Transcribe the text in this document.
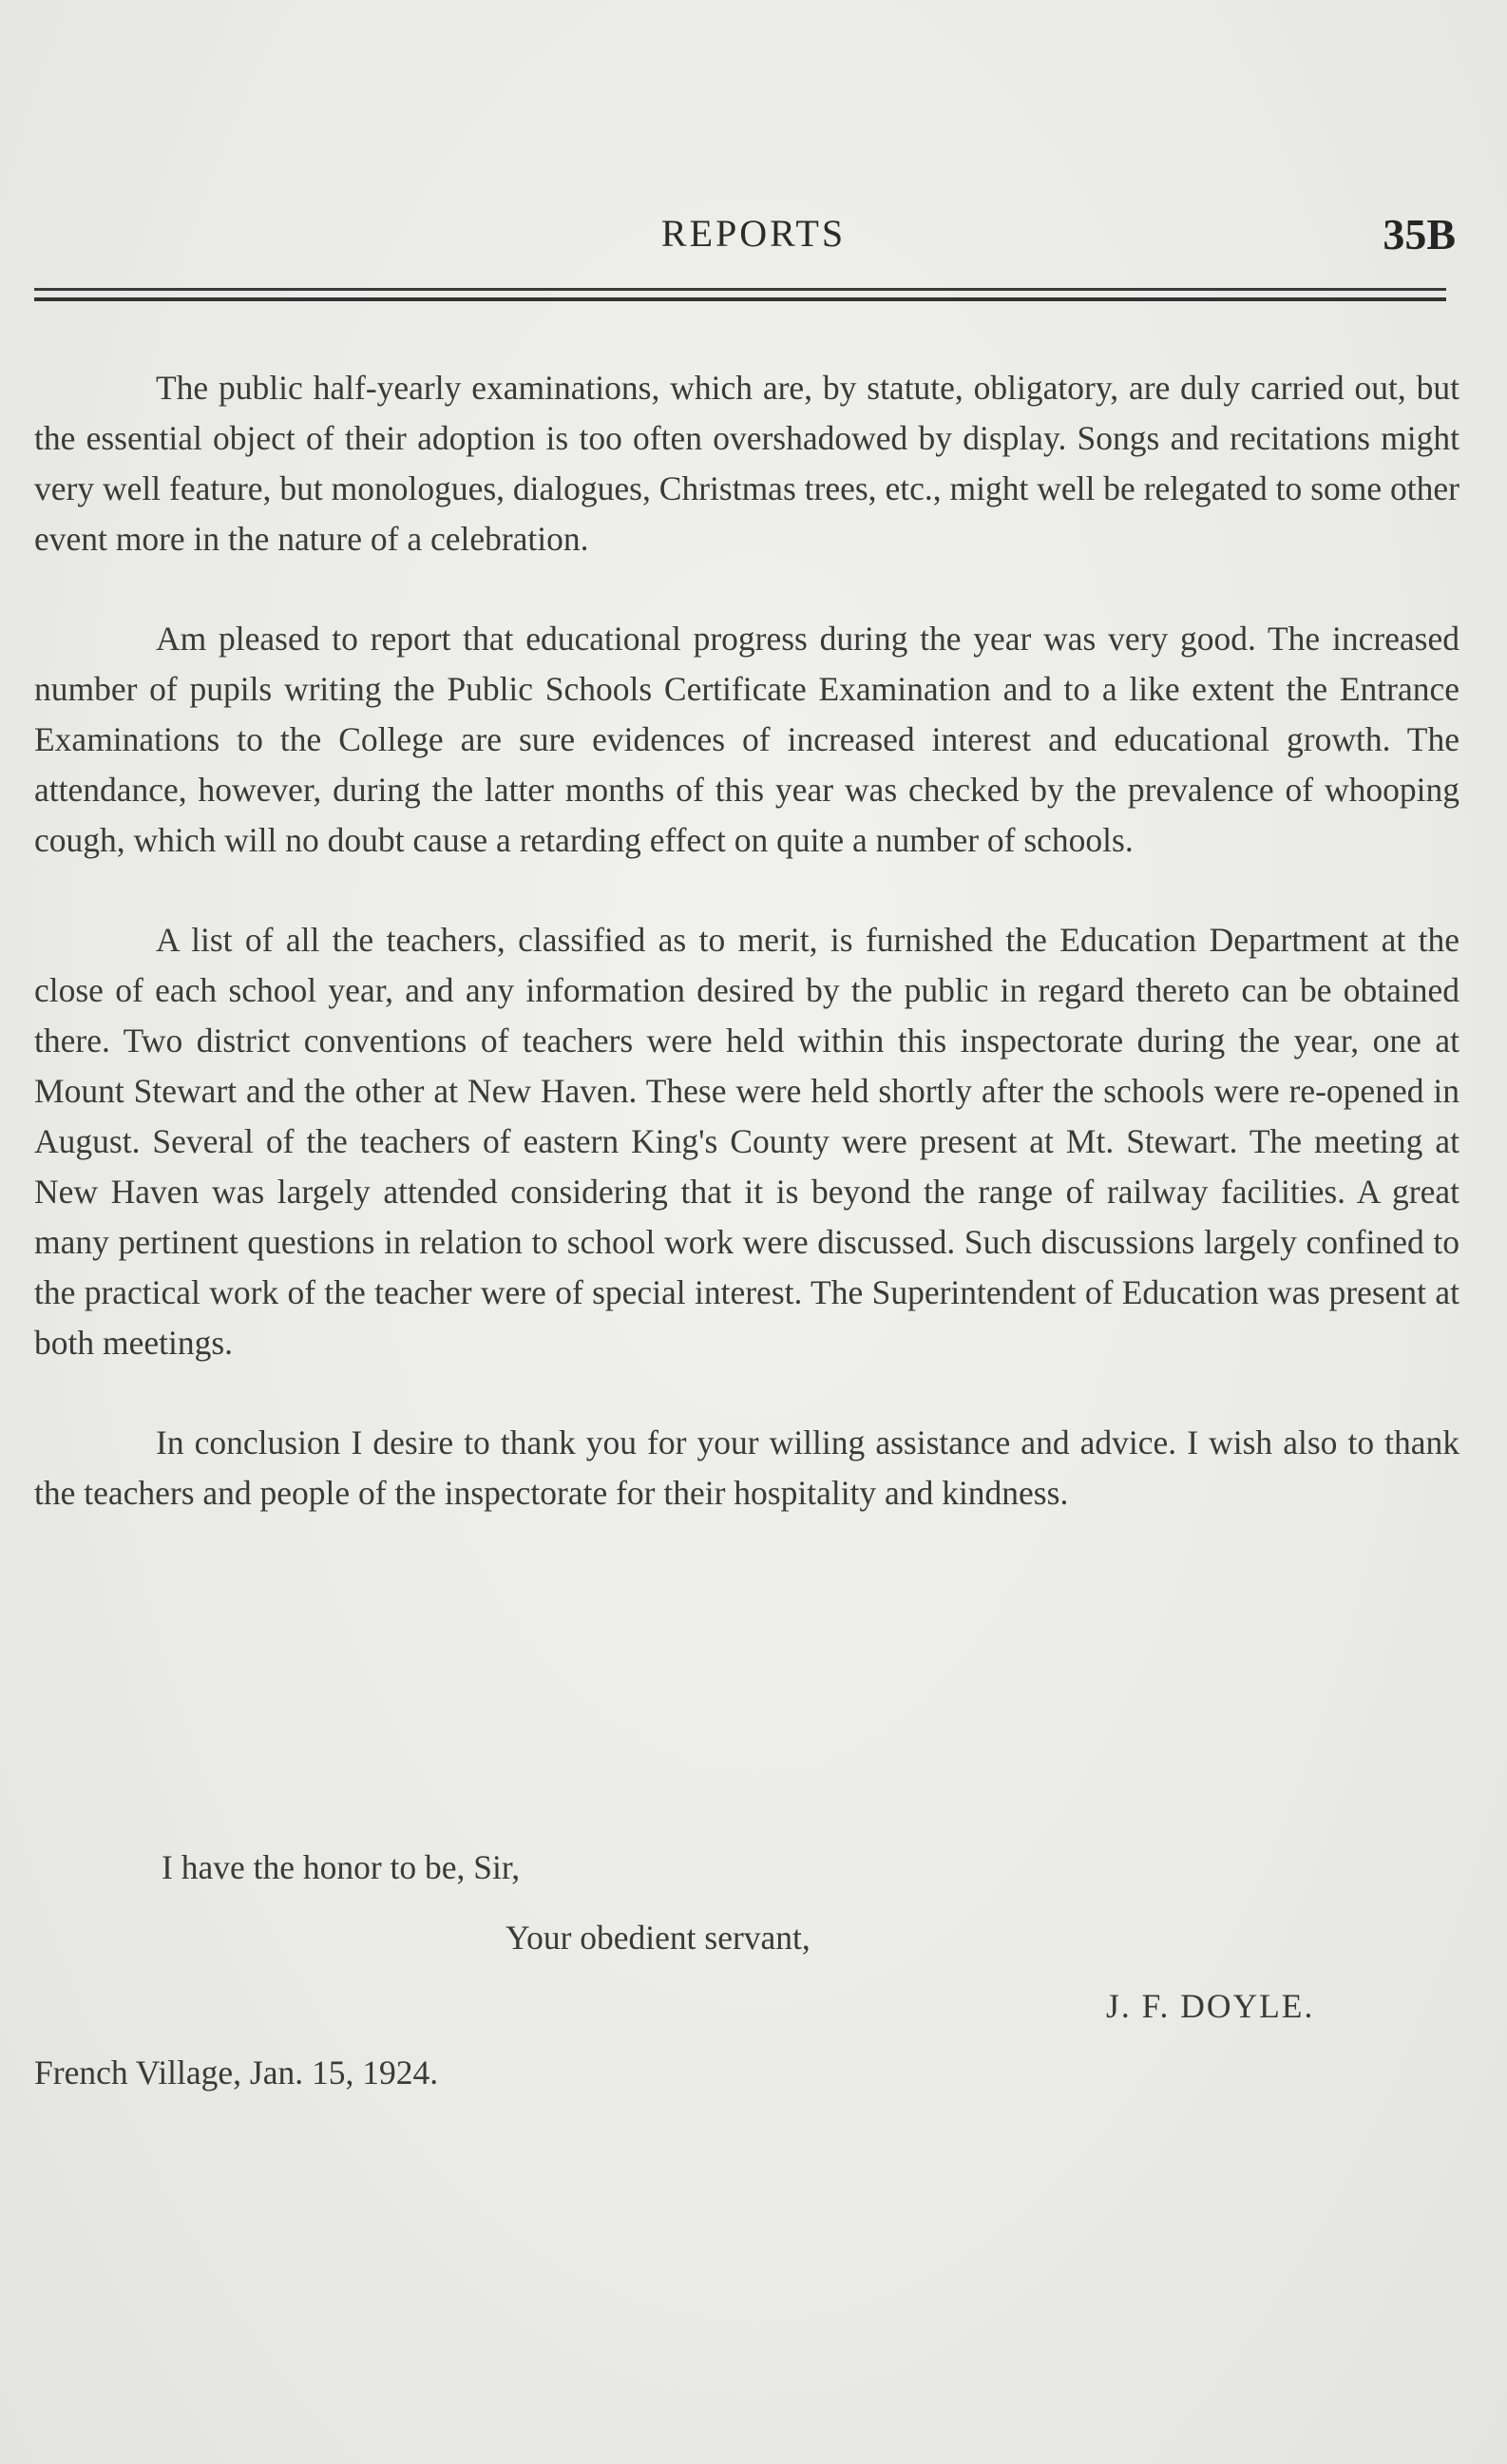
REPORTS	35B

The public half-yearly examinations, which are, by statute, obligatory, are duly carried out, but the essential object of their adoption is too often overshadowed by display. Songs and recitations might very well feature, but monologues, dialogues, Christmas trees, etc., might well be relegated to some other event more in the nature of a celebration.

Am pleased to report that educational progress during the year was very good. The increased number of pupils writing the Public Schools Certificate Examination and to a like extent the Entrance Examinations to the College are sure evidences of increased interest and educational growth. The attendance, however, during the latter months of this year was checked by the prevalence of whooping cough, which will no doubt cause a retarding effect on quite a number of schools.

A list of all the teachers, classified as to merit, is furnished the Education Department at the close of each school year, and any information desired by the public in regard thereto can be obtained there. Two district conventions of teachers were held within this inspectorate during the year, one at Mount Stewart and the other at New Haven. These were held shortly after the schools were re-opened in August. Several of the teachers of eastern King's County were present at Mt. Stewart. The meeting at New Haven was largely attended considering that it is beyond the range of railway facilities. A great many pertinent questions in relation to school work were discussed. Such discussions largely confined to the practical work of the teacher were of special interest. The Superintendent of Education was present at both meetings.

In conclusion I desire to thank you for your willing assistance and advice. I wish also to thank the teachers and people of the inspectorate for their hospitality and kindness.

I have the honor to be, Sir,
Your obedient servant,
J. F. DOYLE.
French Village, Jan. 15, 1924.
